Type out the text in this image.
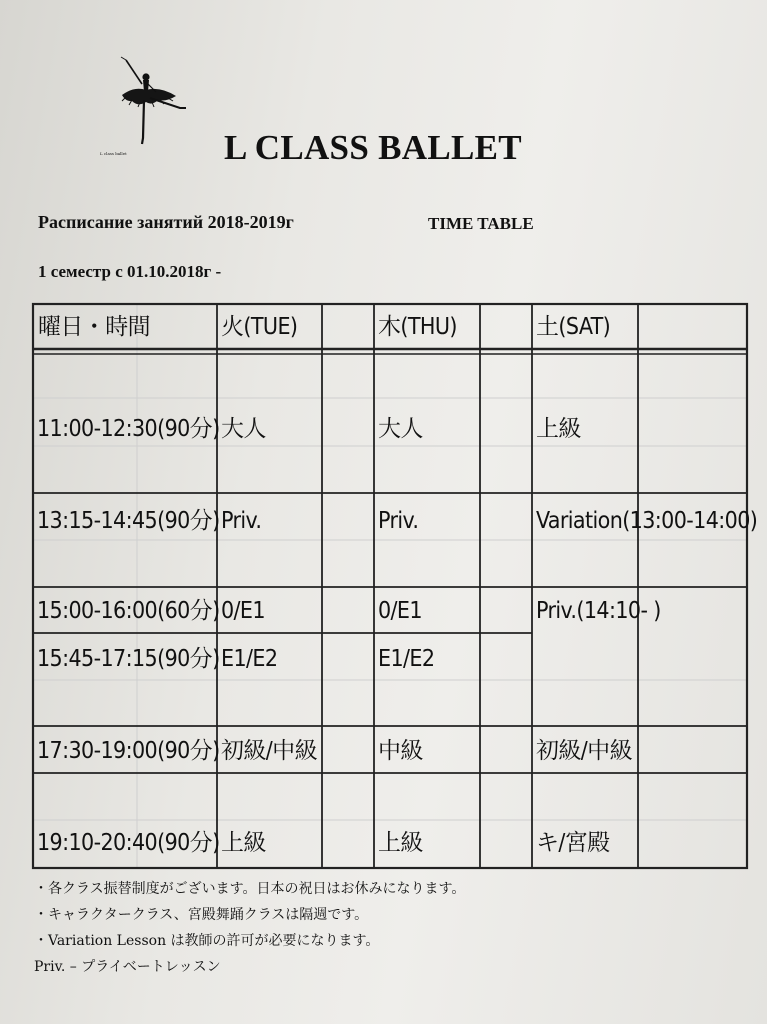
L class ballet	L CLASS BALLET
Расписание занятий 2018-2019г	TIME TABLE
1 семестр с 01.10.2018г -
曜日・時間	火(TUE)	木(THU)	土(SAT)
11:00-12:30(90分) 大人	大人	上級
13:15-14:45(90分) Priv.	Priv.	Variation(13:00-14:00)
15:00-16:00(60分) 0/E1	0/E1	Priv.(14:10- )
15:45-17:15(90分) E1/E2	E1/E2
17:30-19:00(90分) 初級/中級	中級	初級/中級
19:10-20:40(90分) 上級	上級	キ/宮殿
・各クラス振替制度がございます。日本の祝日はお休みになります。
・キャラクタークラス、宮殿舞踊クラスは隔週です。
・Variation Lesson は教師の許可が必要になります。
Priv. – プライベートレッスン
